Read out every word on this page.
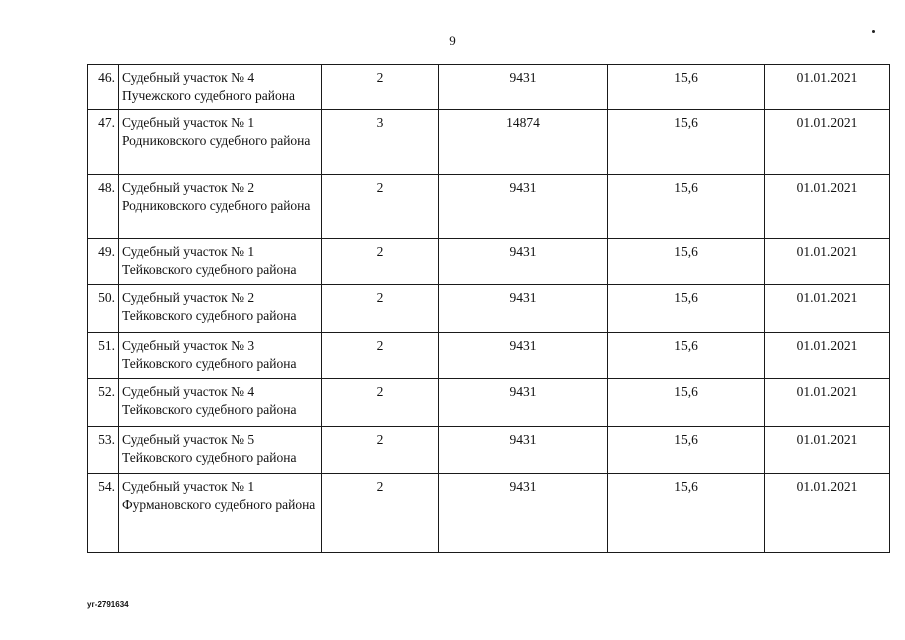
9
46.	Судебный участок № 4 Пучежского судебного района	2	9431	15,6	01.01.2021
47.	Судебный участок № 1 Родниковского судебного района	3	14874	15,6	01.01.2021
48.	Судебный участок № 2 Родниковского судебного района	2	9431	15,6	01.01.2021
49.	Судебный участок № 1 Тейковского судебного района	2	9431	15,6	01.01.2021
50.	Судебный участок № 2 Тейковского судебного района	2	9431	15,6	01.01.2021
51.	Судебный участок № 3 Тейковского судебного района	2	9431	15,6	01.01.2021
52.	Судебный участок № 4 Тейковского судебного района	2	9431	15,6	01.01.2021
53.	Судебный участок № 5 Тейковского судебного района	2	9431	15,6	01.01.2021
54.	Судебный участок № 1 Фурмановского судебного района	2	9431	15,6	01.01.2021
уг-2791634
